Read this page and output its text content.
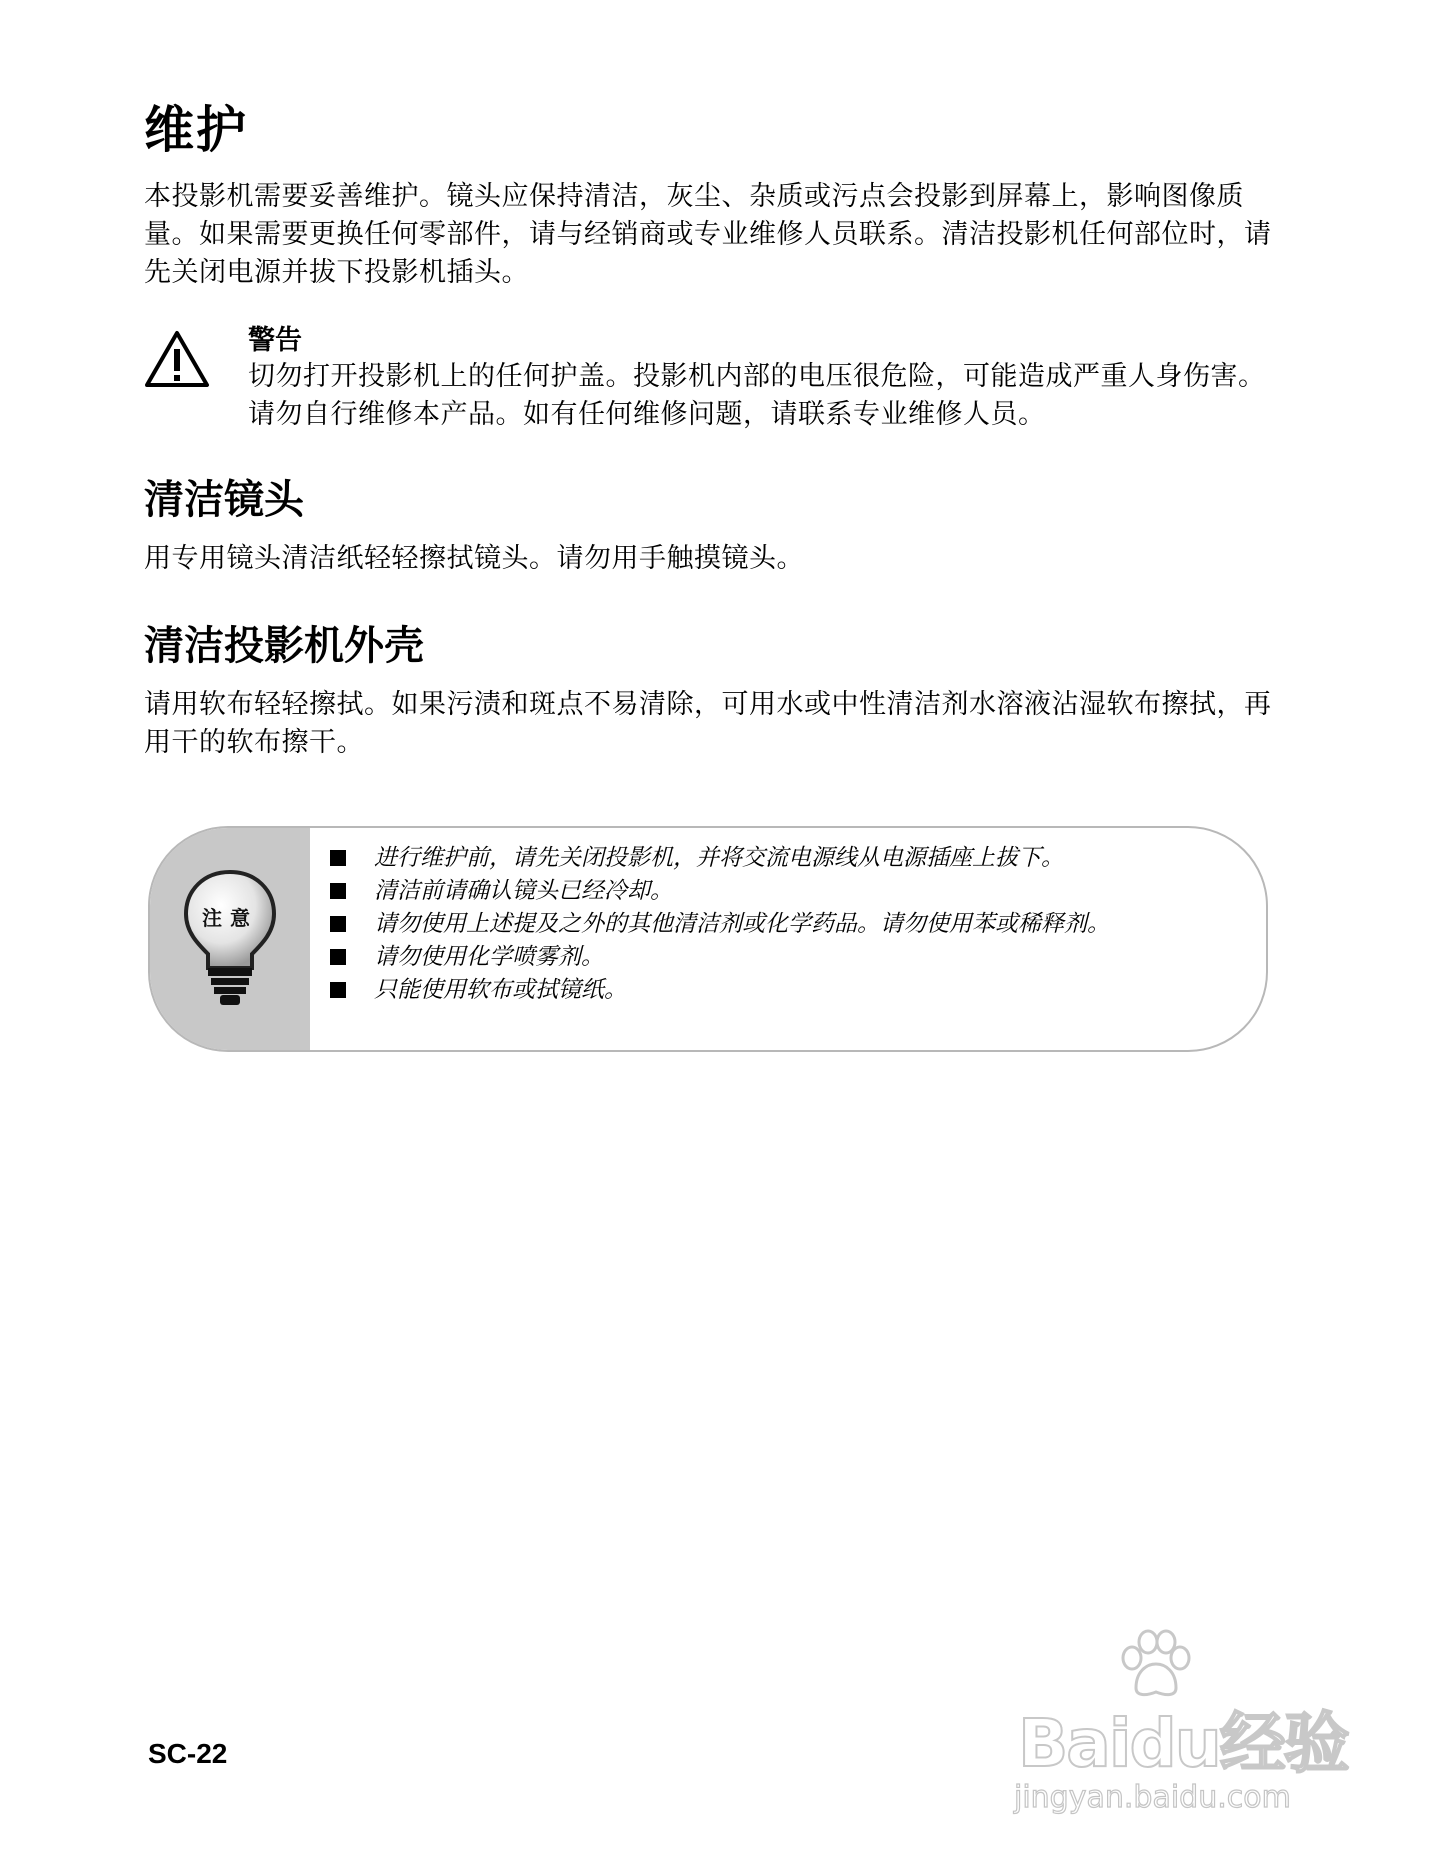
维护

本投影机需要妥善维护。镜头应保持清洁，灰尘、杂质或污点会投影到屏幕上，影响图像质量。如果需要更换任何零部件，请与经销商或专业维修人员联系。清洁投影机任何部位时，请先关闭电源并拔下投影机插头。

警告

切勿打开投影机上的任何护盖。投影机内部的电压很危险，可能造成严重人身伤害。请勿自行维修本产品。如有任何维修问题，请联系专业维修人员。

清洁镜头

用专用镜头清洁纸轻轻擦拭镜头。请勿用手触摸镜头。

清洁投影机外壳

请用软布轻轻擦拭。如果污渍和斑点不易清除，可用水或中性清洁剂水溶液沾湿软布擦拭，再用干的软布擦干。

注意
进行维护前，请先关闭投影机，并将交流电源线从电源插座上拔下。
清洁前请确认镜头已经冷却。
请勿使用上述提及之外的其他清洁剂或化学药品。请勿使用苯或稀释剂。
请勿使用化学喷雾剂。
只能使用软布或拭镜纸。
Baidu经验
jingyan.baidu.com
SC-22
